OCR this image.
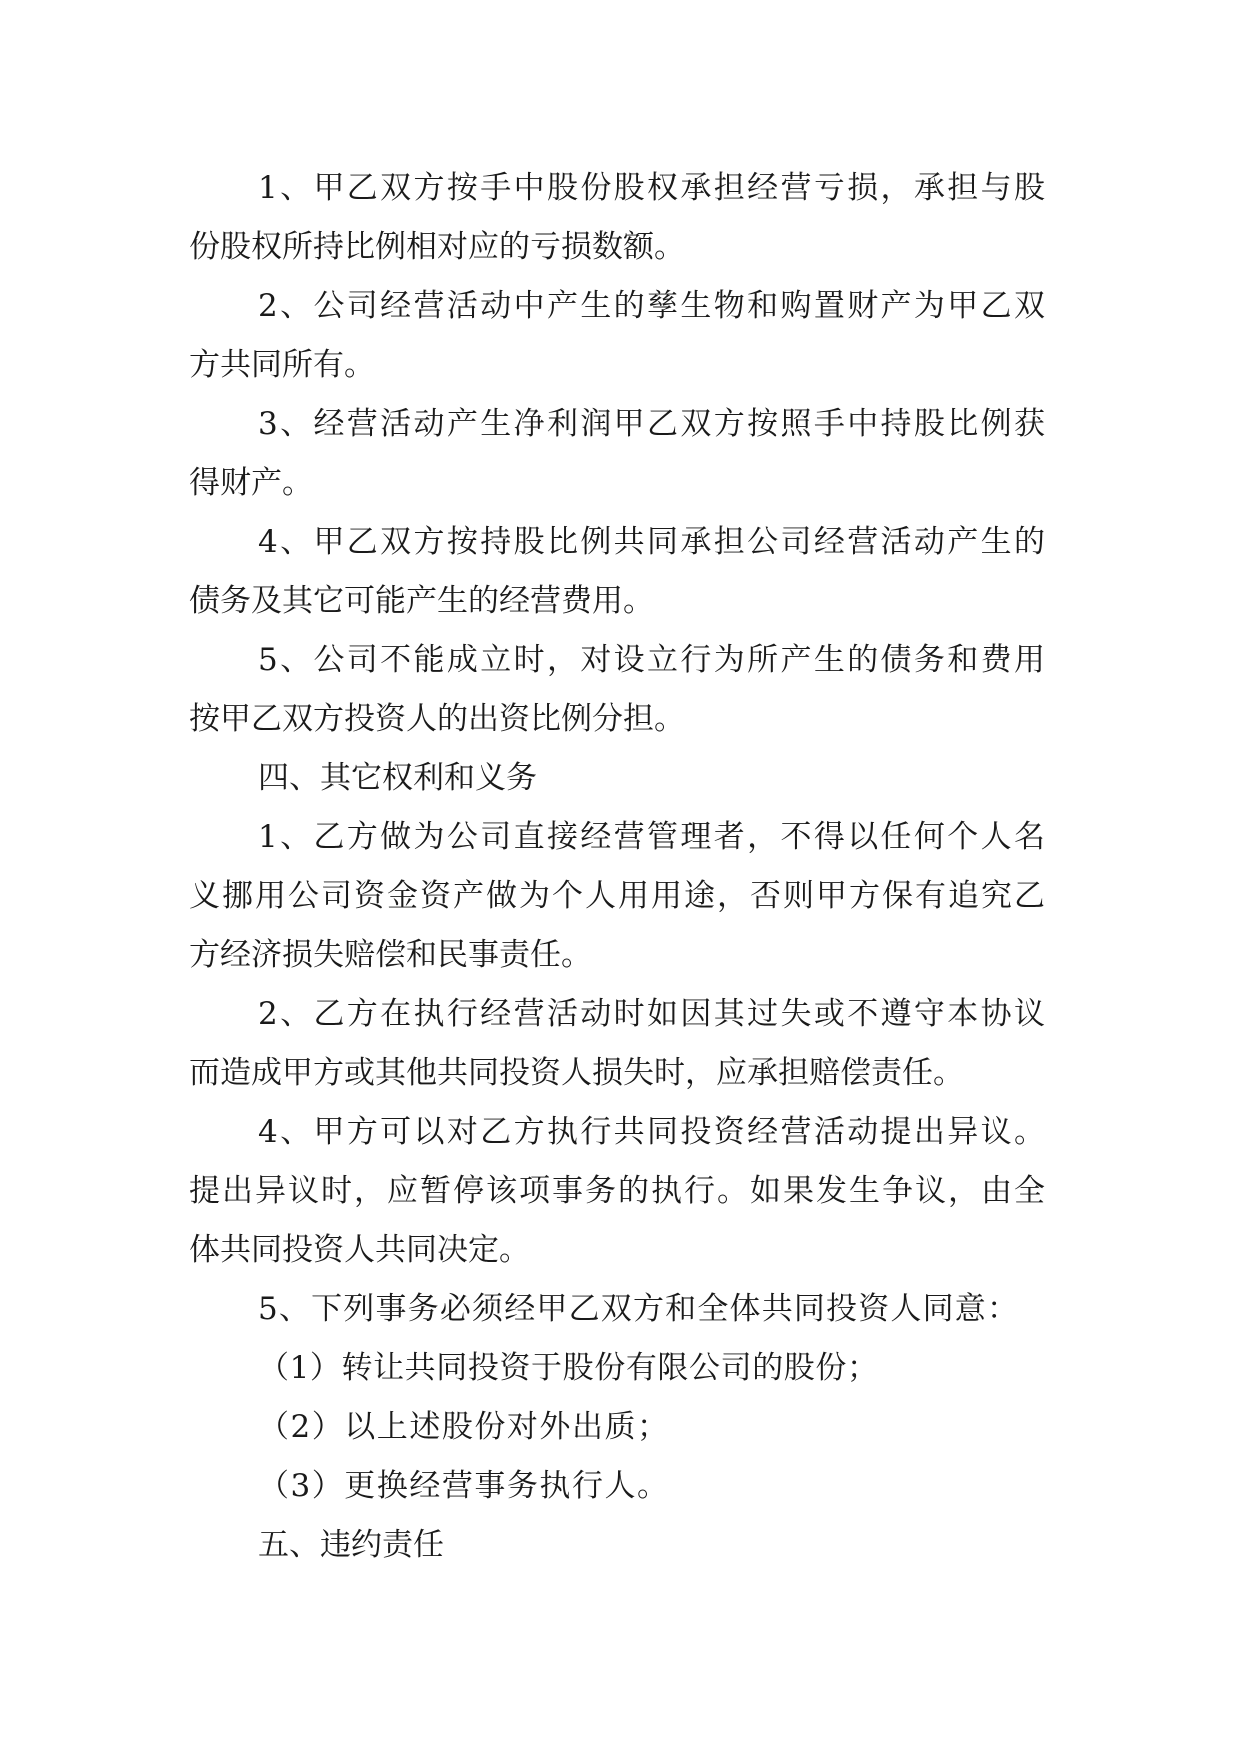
1、甲乙双方按手中股份股权承担经营亏损，承担与股
份股权所持比例相对应的亏损数额。
2、公司经营活动中产生的孳生物和购置财产为甲乙双
方共同所有。
3、经营活动产生净利润甲乙双方按照手中持股比例获
得财产。
4、甲乙双方按持股比例共同承担公司经营活动产生的
债务及其它可能产生的经营费用。
5、公司不能成立时，对设立行为所产生的债务和费用
按甲乙双方投资人的出资比例分担。
四、其它权利和义务
1、乙方做为公司直接经营管理者，不得以任何个人名
义挪用公司资金资产做为个人用用途，否则甲方保有追究乙
方经济损失赔偿和民事责任。
2、乙方在执行经营活动时如因其过失或不遵守本协议
而造成甲方或其他共同投资人损失时，应承担赔偿责任。
4、甲方可以对乙方执行共同投资经营活动提出异议。
提出异议时，应暂停该项事务的执行。如果发生争议，由全
体共同投资人共同决定。
5、下列事务必须经甲乙双方和全体共同投资人同意：
（1）转让共同投资于股份有限公司的股份；
（2）以上述股份对外出质；
（3）更换经营事务执行人。
五、违约责任
